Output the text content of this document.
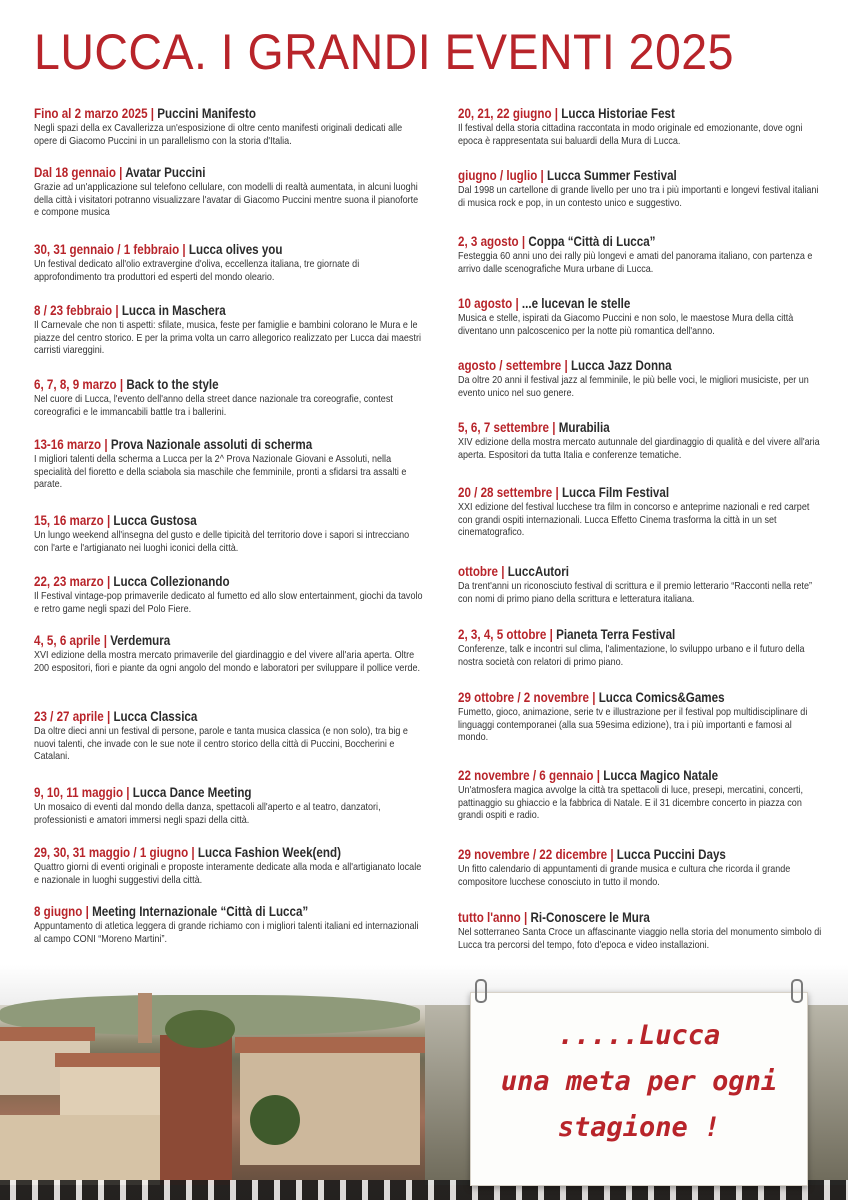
LUCCA. I GRANDI EVENTI 2025
Fino al 2 marzo 2025 | Puccini Manifesto
Negli spazi della ex Cavallerizza un'esposizione di oltre cento manifesti originali dedicati alle opere di Giacomo Puccini in un parallelismo con la storia d'Italia.
Dal 18 gennaio | Avatar Puccini
Grazie ad un'applicazione sul telefono cellulare, con modelli di realtà aumentata, in alcuni luoghi della città i visitatori potranno visualizzare l'avatar di Giacomo Puccini mentre suona il pianoforte e compone musica
30, 31 gennaio / 1 febbraio | Lucca olives you
Un festival dedicato all'olio extravergine d'oliva, eccellenza italiana, tre giornate di approfondimento tra produttori ed esperti del mondo oleario.
8 / 23 febbraio | Lucca in Maschera
Il Carnevale che non ti aspetti: sfilate, musica, feste per famiglie e bambini colorano le Mura e le piazze del centro storico. E per la prima volta un carro allegorico realizzato per Lucca dai maestri carristi viareggini.
6, 7, 8, 9 marzo | Back to the style
Nel cuore di Lucca, l'evento dell'anno della street dance nazionale tra coreografie, contest coreografici e le immancabili battle tra i ballerini.
13-16 marzo | Prova Nazionale assoluti di scherma
I migliori talenti della scherma a Lucca per la 2^ Prova Nazionale Giovani e Assoluti, nella specialità del fioretto e della sciabola sia maschile che femminile, pronti a sfidarsi tra assalti e parate.
15, 16 marzo | Lucca Gustosa
Un lungo weekend all'insegna del gusto e delle tipicità del territorio dove i sapori si intrecciano con l'arte e l'artigianato nei luoghi iconici della città.
22, 23 marzo | Lucca Collezionando
Il Festival vintage-pop primaverile dedicato al fumetto ed allo slow entertainment, giochi da tavolo e retro game negli spazi del Polo Fiere.
4, 5, 6 aprile | Verdemura
XVI edizione della mostra mercato primaverile del giardinaggio e del vivere all'aria aperta. Oltre 200 espositori, fiori e piante da ogni angolo del mondo e laboratori per sviluppare il pollice verde.
23 / 27 aprile | Lucca Classica
Da oltre dieci anni un festival di persone, parole e tanta musica classica (e non solo), tra big e nuovi talenti, che invade con le sue note il centro storico della città di Puccini, Boccherini e Catalani.
9, 10, 11 maggio | Lucca Dance Meeting
Un mosaico di eventi dal mondo della danza, spettacoli all'aperto e al teatro, danzatori, professionisti e amatori immersi negli spazi della città.
29, 30, 31 maggio / 1 giugno | Lucca Fashion Week(end)
Quattro giorni di eventi originali e proposte interamente dedicate alla moda e all'artigianato locale e nazionale in luoghi suggestivi della città.
8 giugno | Meeting Internazionale “Città di Lucca”
Appuntamento di atletica leggera di grande richiamo con i migliori talenti italiani ed internazionali al campo CONI “Moreno Martini”.
20, 21, 22 giugno | Lucca Historiae Fest
Il festival della storia cittadina raccontata in modo originale ed emozionante, dove ogni epoca è rappresentata sui baluardi della Mura di Lucca.
giugno / luglio | Lucca Summer Festival
Dal 1998 un cartellone di grande livello per uno tra i più importanti e longevi festival italiani di musica rock e pop, in un contesto unico e suggestivo.
2, 3 agosto | Coppa “Città di Lucca”
Festeggia 60 anni uno dei rally più longevi e amati del panorama italiano, con partenza e arrivo dalle scenografiche Mura urbane di Lucca.
10 agosto | ...e lucevan le stelle
Musica e stelle, ispirati da Giacomo Puccini e non solo, le maestose Mura della città diventano unn palcoscenico per la notte più romantica dell'anno.
agosto / settembre | Lucca Jazz Donna
Da oltre 20 anni il festival jazz al femminile, le più belle voci, le migliori musiciste, per un evento unico nel suo genere.
5, 6, 7 settembre | Murabilia
XIV edizione della mostra mercato autunnale del giardinaggio di qualità e del vivere all'aria aperta. Espositori da tutta Italia e conferenze tematiche.
20 / 28 settembre | Lucca Film Festival
XXI edizione del festival lucchese tra film in concorso e anteprime nazionali e red carpet con grandi ospiti internazionali. Lucca Effetto Cinema trasforma la città in un set cinematografico.
ottobre | LuccAutori
Da trent'anni un riconosciuto festival di scrittura e il premio letterario “Racconti nella rete” con nomi di primo piano della scrittura e letteratura italiana.
2, 3, 4, 5 ottobre | Pianeta Terra Festival
Conferenze, talk e incontri sul clima, l'alimentazione, lo sviluppo urbano e il futuro della nostra società con relatori di primo piano.
29 ottobre / 2 novembre | Lucca Comics&Games
Fumetto, gioco, animazione, serie tv e illustrazione per il festival pop multidisciplinare di linguaggi contemporanei (alla sua 59esima edizione), tra i più importanti e famosi al mondo.
22 novembre / 6 gennaio | Lucca Magico Natale
Un'atmosfera magica avvolge la città tra spettacoli di luce, presepi, mercatini, concerti, pattinaggio su ghiaccio e la fabbrica di Natale. E il 31 dicembre concerto in piazza con grandi ospiti e radio.
29 novembre / 22 dicembre | Lucca Puccini Days
Un fitto calendario di appuntamenti di grande musica e cultura che ricorda il grande compositore lucchese conosciuto in tutto il mondo.
tutto l'anno | Ri-Conoscere le Mura
Nel sotterraneo Santa Croce un affascinante viaggio nella storia del monumento simbolo di Lucca tra percorsi del tempo, foto d'epoca e video installazioni.
.....Lucca
una meta per ogni
stagione !
